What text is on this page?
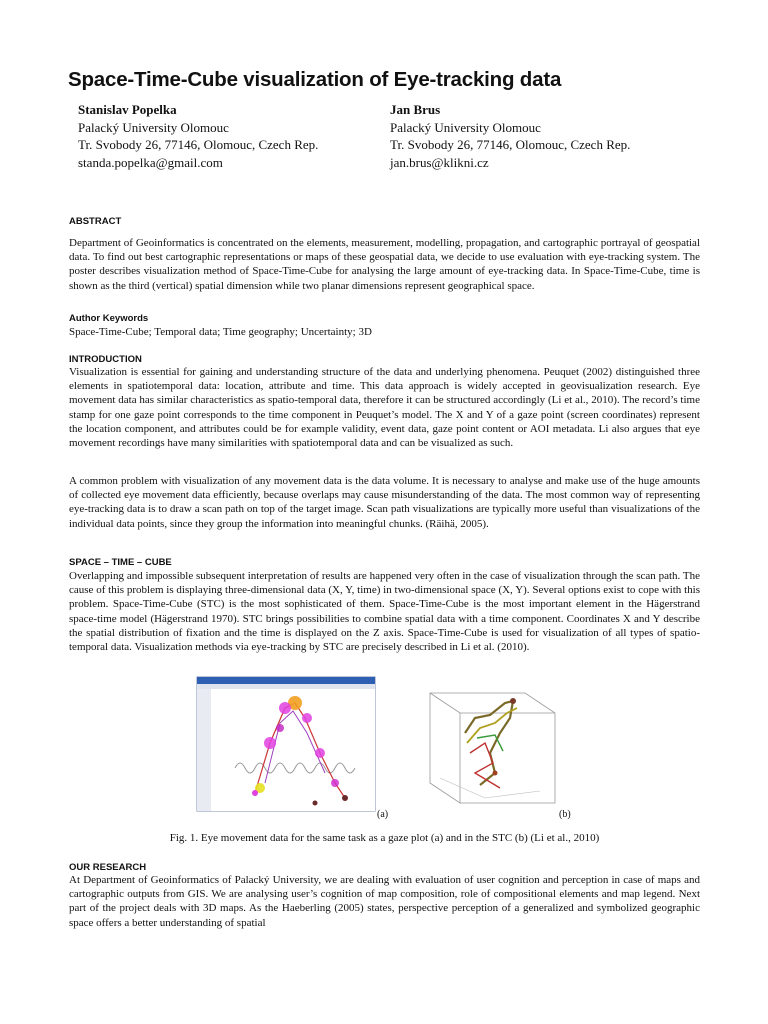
Space-Time-Cube visualization of Eye-tracking data
Stanislav Popelka
Palacký University Olomouc
Tr. Svobody 26, 77146, Olomouc, Czech Rep.
standa.popelka@gmail.com
Jan Brus
Palacký University Olomouc
Tr. Svobody 26, 77146, Olomouc, Czech Rep.
jan.brus@klikni.cz
ABSTRACT
Department of Geoinformatics is concentrated on the elements, measurement, modelling, propagation, and cartographic portrayal of geospatial data. To find out best cartographic representations or maps of these geospatial data, we decide to use evaluation with eye-tracking system. The poster describes visualization method of Space-Time-Cube for analysing the large amount of eye-tracking data. In Space-Time-Cube, time is shown as the third (vertical) spatial dimension while two planar dimensions represent geographical space.
Author Keywords
Space-Time-Cube; Temporal data; Time geography; Uncertainty; 3D
INTRODUCTION
Visualization is essential for gaining and understanding structure of the data and underlying phenomena. Peuquet (2002) distinguished three elements in spatiotemporal data: location, attribute and time. This data approach is widely accepted in geovisualization research. Eye movement data has similar characteristics as spatio-temporal data, therefore it can be structured accordingly (Li et al., 2010). The record’s time stamp for one gaze point corresponds to the time component in Peuquet’s model. The X and Y of a gaze point (screen coordinates) represent the location component, and attributes could be for example validity, event data, gaze point content or AOI metadata. Li also argues that eye movement recordings have many similarities with spatiotemporal data and can be visualized as such.
A common problem with visualization of any movement data is the data volume. It is necessary to analyse and make use of the huge amounts of collected eye movement data efficiently, because overlaps may cause misunderstanding of the data. The most common way of representing eye-tracking data is to draw a scan path on top of the target image. Scan path visualizations are typically more useful than visualizations of the individual data points, since they group the information into meaningful chunks. (Räihä, 2005).
SPACE – TIME – CUBE
Overlapping and impossible subsequent interpretation of results are happened very often in the case of visualization through the scan path. The cause of this problem is displaying three-dimensional data (X, Y, time) in two-dimensional space (X, Y). Several options exist to cope with this problem. Space-Time-Cube (STC) is the most sophisticated of them. Space-Time-Cube is the most important element in the Hägerstrand space-time model (Hägerstrand 1970). STC brings possibilities to combine spatial data with a time component. Coordinates X and Y describe the spatial distribution of fixation and the time is displayed on the Z axis. Space-Time-Cube is used for visualization of all types of spatio-temporal data. Visualization methods via eye-tracking by STC are precisely described in Li et al. (2010).
(a)	(b)
Fig. 1. Eye movement data for the same task as a gaze plot (a) and in the STC (b) (Li et al., 2010)
OUR RESEARCH
At Department of Geoinformatics of Palacký University, we are dealing with evaluation of user cognition and perception in case of maps and cartographic outputs from GIS. We are analysing user’s cognition of map composition, role of compositional elements and map legend. Next part of the project deals with 3D maps. As the Haeberling (2005) states, perspective perception of a generalized and symbolized geographic space offers a better understanding of spatial
